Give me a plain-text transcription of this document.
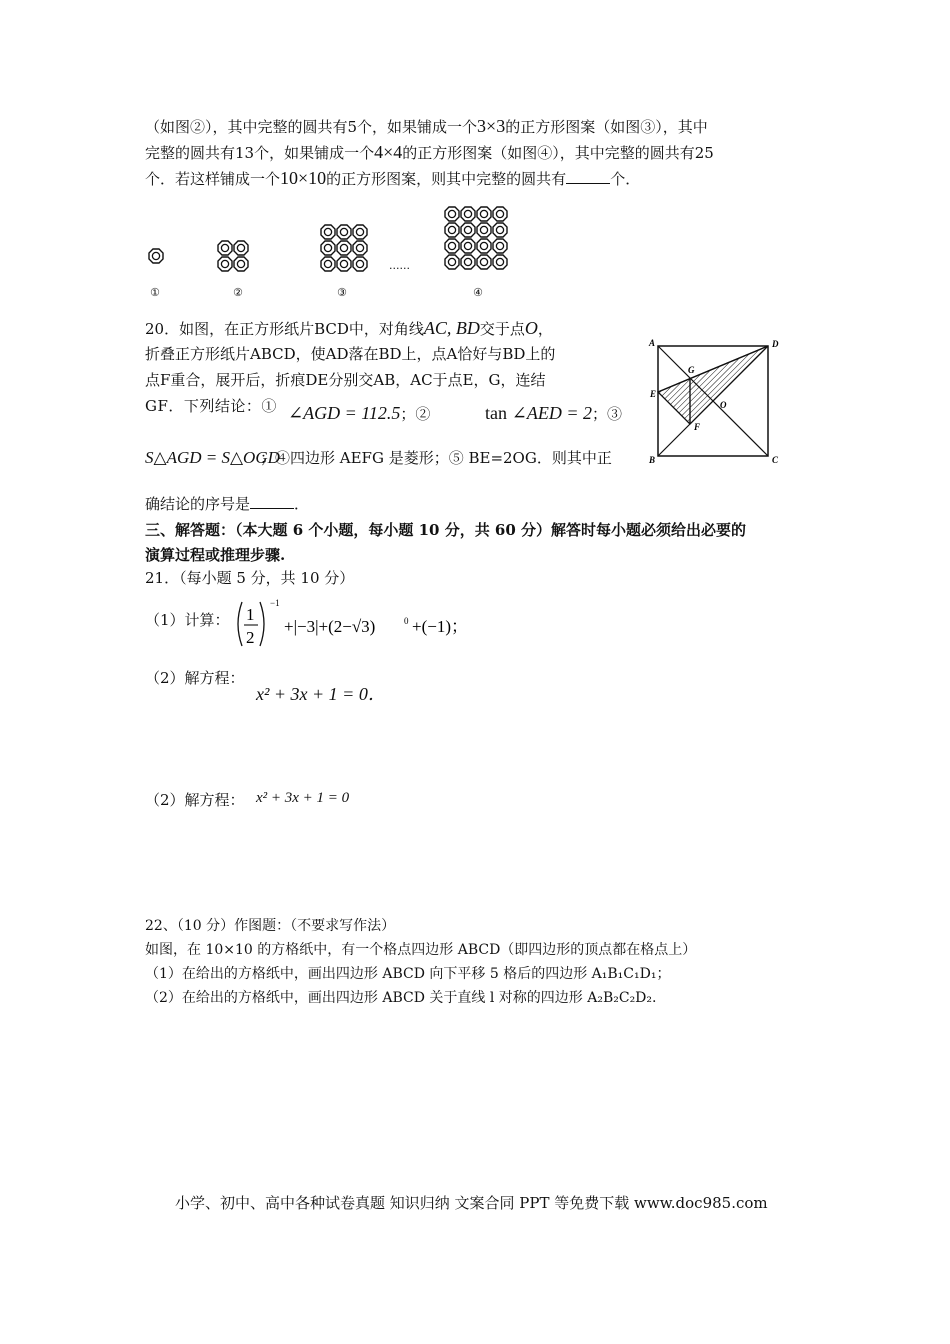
（如图②），其中完整的圆共有5个，如果铺成一个3×3的正方形图案（如图③），其中
完整的圆共有13个，如果铺成一个4×4的正方形图案（如图④），其中完整的圆共有25
个．若这样铺成一个10×10的正方形图案，则其中完整的圆共有	个．
......
①	②	③	④
20．如图，在正方形纸片BCD中，对角线AC, BD交于点O，
折叠正方形纸片ABCD，使AD落在BD上，点A恰好与BD上的
点F重合，展开后，折痕DE分别交AB，AC于点E，G，连结
GF．下列结论：① ∠AGD = 112.5；②	tan ∠AED = 2；③
S△AGD = S△OGD
；④四边形 AEFG 是菱形；⑤ BE=2OG．则其中正
确结论的序号是	．
A	D
B	C
E
G
O
F
三、解答题：（本大题 6 个小题，每小题 10 分，共 60 分）解答时每小题必须给出必要的
演算过程或推理步骤.
21．（每小题 5 分，共 10 分）
（1）计算： 1
2
−1
+|−3|+(2−√3)	0 +(−1)；
（2）解方程：
x² + 3x + 1 = 0．
（2）解方程： x² + 3x + 1 = 0
22、（10 分）作图题：（不要求写作法）
如图，在 10×10 的方格纸中，有一个格点四边形 ABCD（即四边形的顶点都在格点上）
（1）在给出的方格纸中，画出四边形 ABCD 向下平移 5 格后的四边形 A₁B₁C₁D₁；
（2）在给出的方格纸中，画出四边形 ABCD 关于直线 l 对称的四边形 A₂B₂C₂D₂.
小学、初中、高中各种试卷真题 知识归纳 文案合同 PPT 等免费下载 www.doc985.com
